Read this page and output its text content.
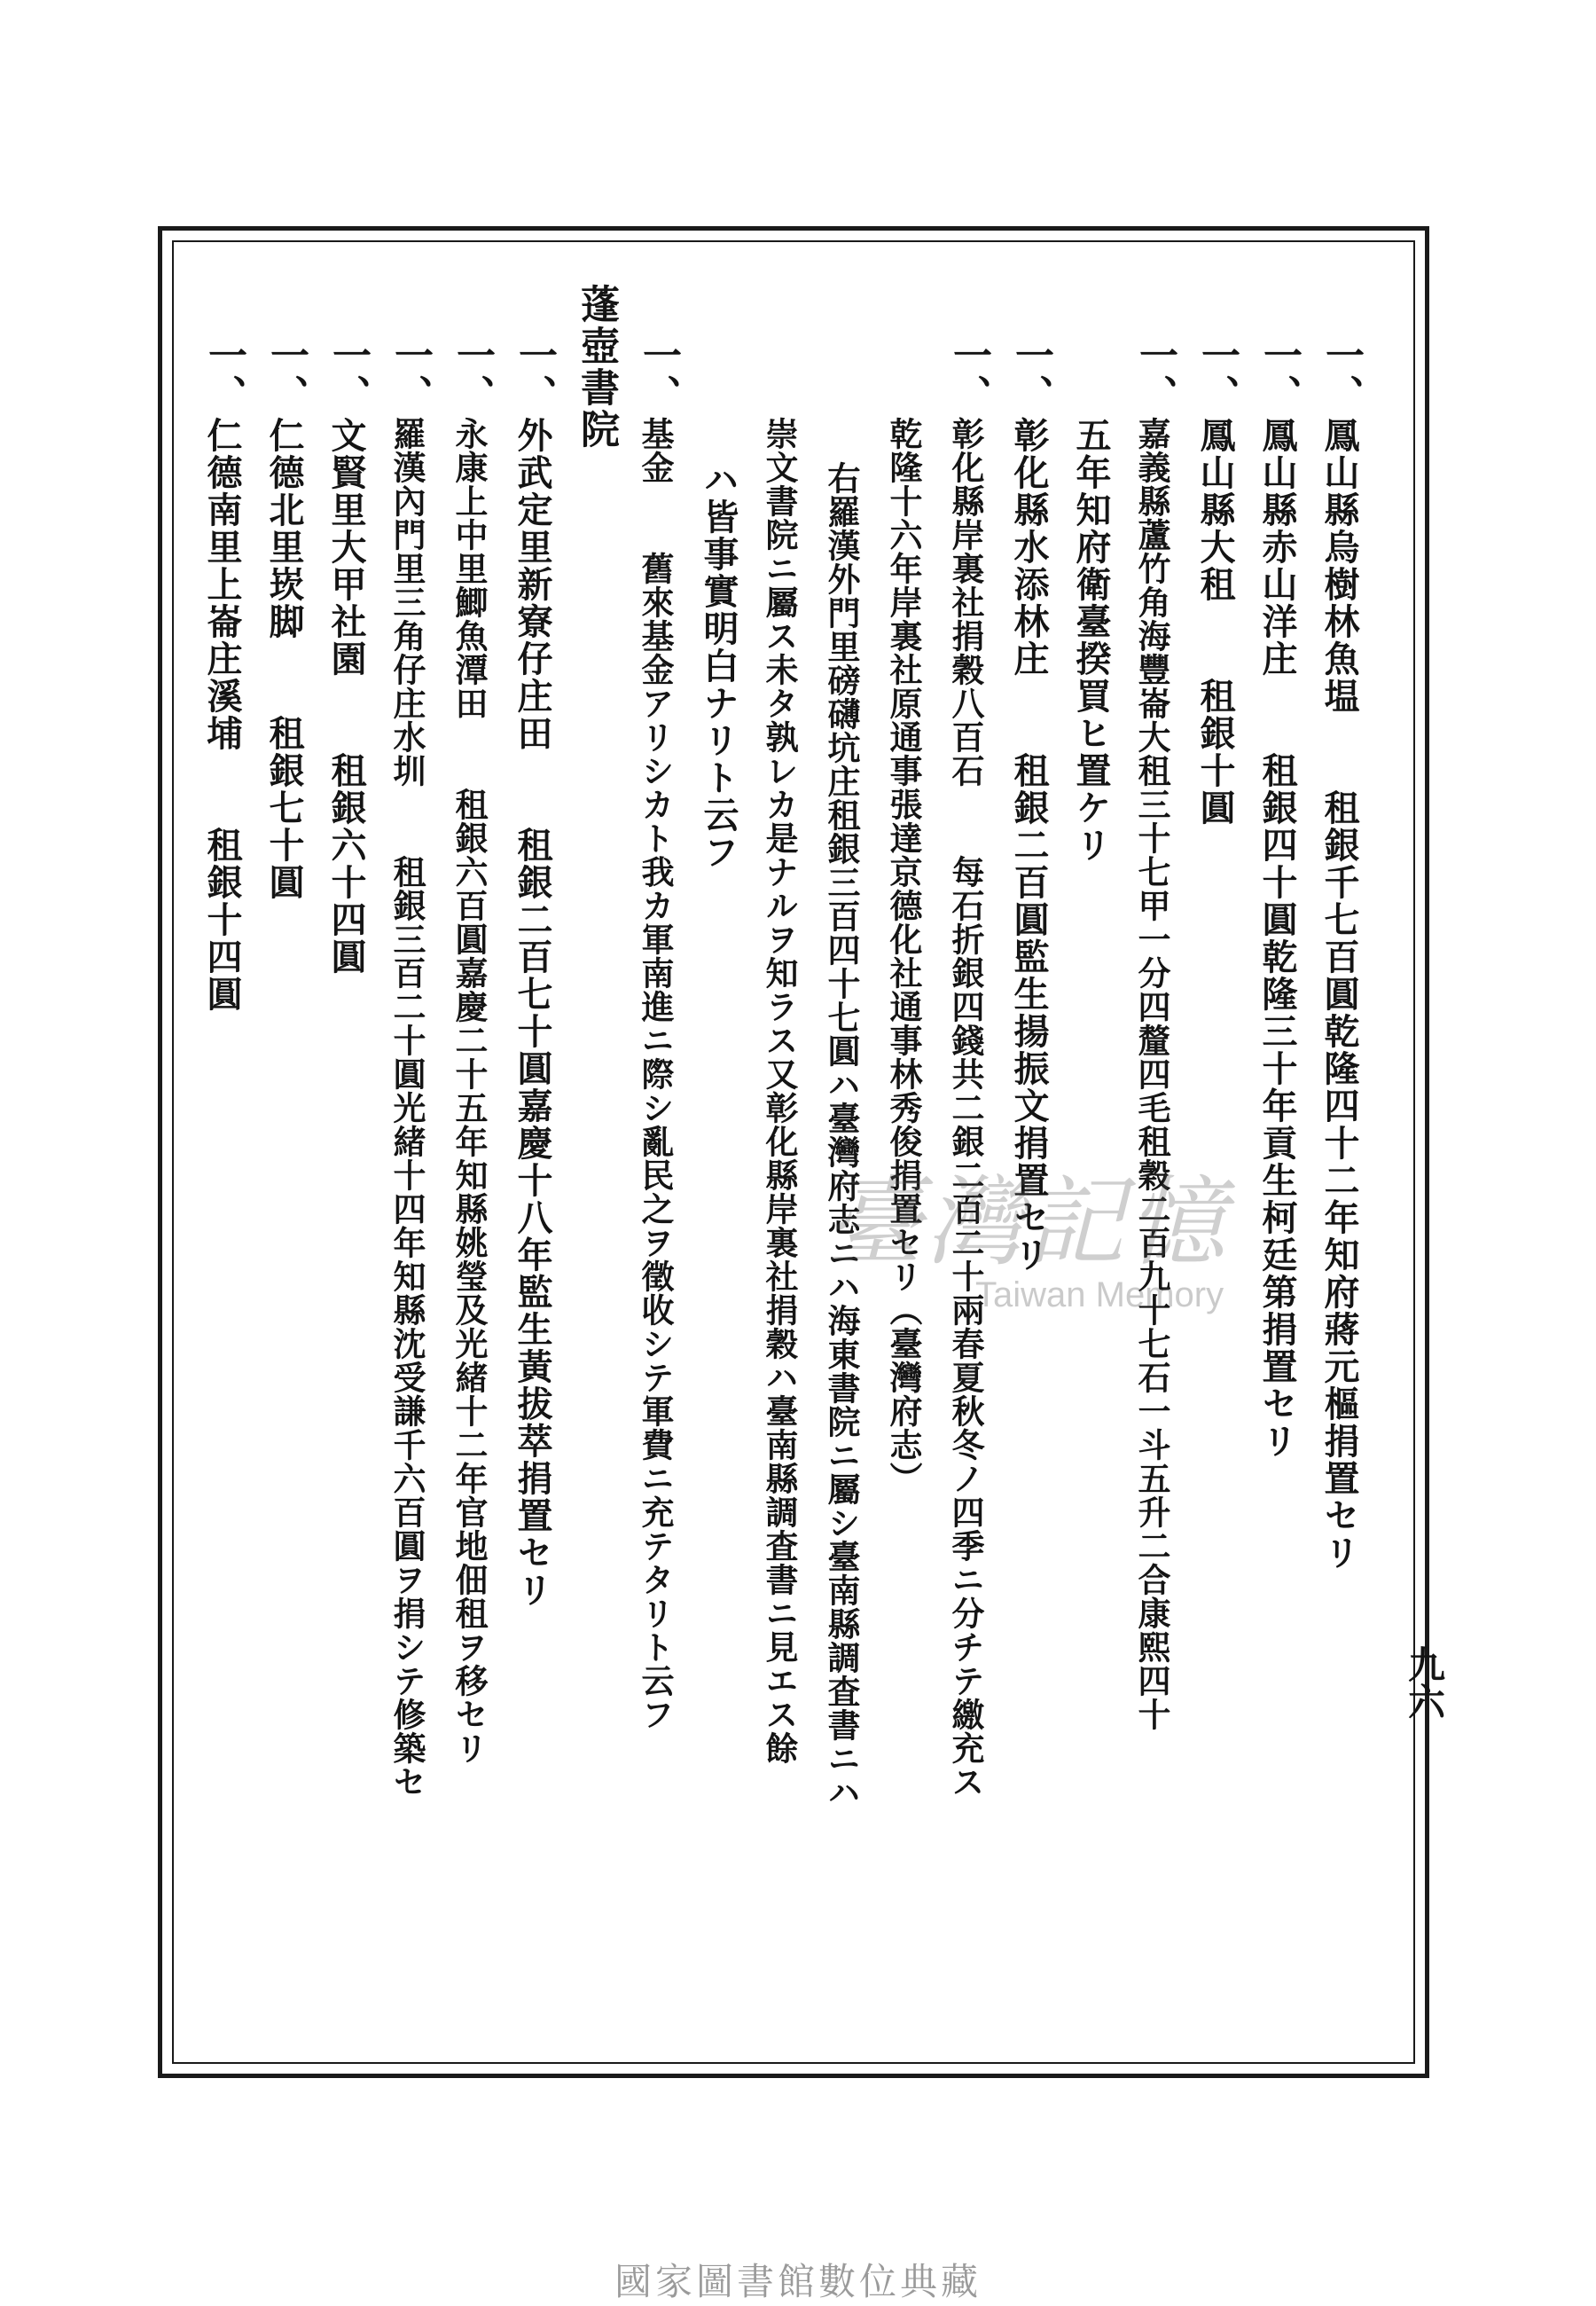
一、
一、
一、
一、
一、
一、
一、
一、
一、
一、
一、
一、
一、
鳳山縣烏樹林魚塭　　租銀千七百圓乾隆四十二年知府蔣元樞捐置セリ
鳳山縣赤山洋庄　　租銀四十圓乾隆三十年貢生柯廷第捐置セリ
鳳山縣大租　　租銀十圓
嘉義縣蘆竹角海豐崙大租三十七甲一分四釐四毛租穀二百九十七石一斗五升二合康熙四十
五年知府衛臺揆買ヒ置ケリ
彰化縣水添林庄　　租銀二百圓監生揚振文捐置セリ
彰化縣岸裏社捐穀八百石　　每石折銀四錢共㆓銀二百二十兩春夏秋冬ノ四季ニ分チテ繳充ス
乾隆十六年岸裏社原通事張達京德化社通事林秀俊捐置セリ（臺灣府志）
右羅漢外門里磅礴坑庄租銀三百四十七圓ハ臺灣府志ニハ海東書院ニ屬シ臺南縣調査書ニハ
崇文書院ニ屬ス未タ孰レカ是ナルヲ知ラス又彰化縣岸裏社捐穀ハ臺南縣調査書ニ見エス餘
ハ皆事實明白ナリト云フ
基金　　舊來基金アリシカト我カ軍南進ニ際シ亂民之ヲ徵收シテ軍費ニ充テタリト云フ
蓬壺書院
外武定里新寮仔庄田　　租銀二百七十圓嘉慶十八年監生黃拔萃捐置セリ
永康上中里鯽魚潭田　　租銀六百圓嘉慶二十五年知縣姚瑩及光緒十二年官地佃租ヲ移セリ
羅漢內門里三角仔庄水圳　　租銀三百二十圓光緒十四年知縣沈受謙千六百圓ヲ捐シテ修築セ
文賢里大甲社園　　租銀六十四圓
仁德北里崁脚　　租銀七十圓
仁德南里上崙庄溪埔　　租銀十四圓
九六
臺灣記憶
Taiwan Memory
國家圖書館數位典藏
